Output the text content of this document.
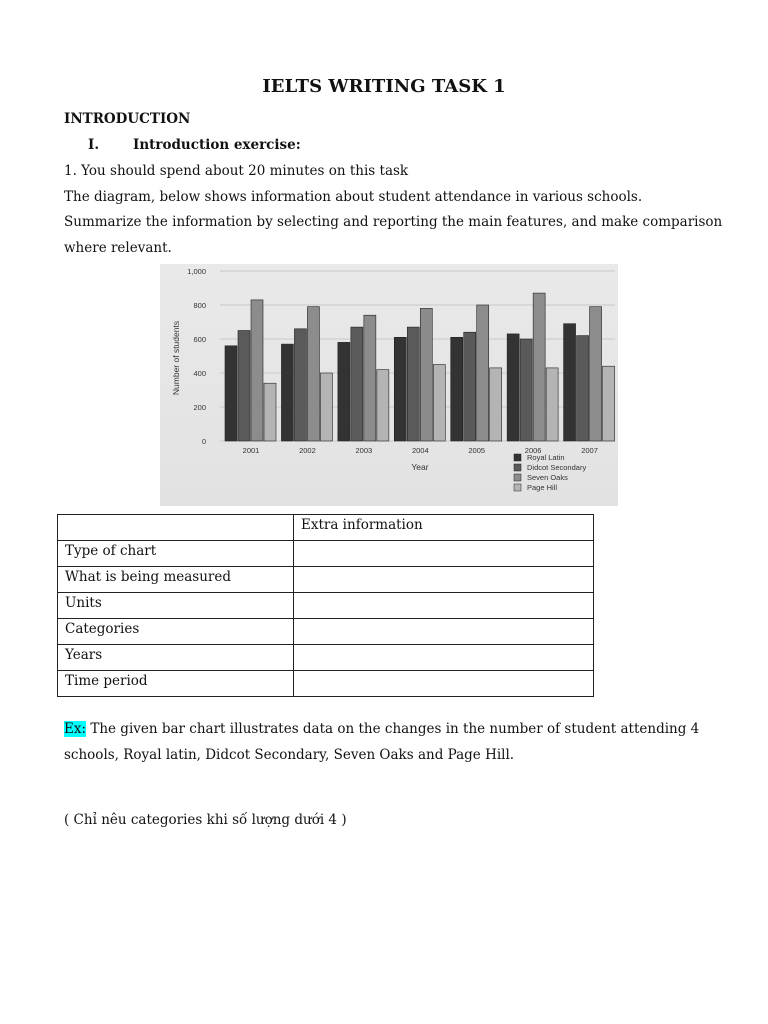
IELTS WRITING TASK 1

INTRODUCTION

I.	Introduction exercise:

1. You should spend about 20 minutes on this task

The diagram, below shows information about student attendance in various schools.

Summarize the information by selecting and reporting the main features, and make comparison

where relevant.

2001	2002	2003	2004	2005	2006	2007
0
200
400
600
800
1,000
Number of students
Year
Royal Latin
Didcot Secondary
Seven Oaks
Page Hill
	Extra information
Type of chart	
What is being measured	
Units	
Categories	
Years	
Time period	

Ex: The given bar chart illustrates data on the changes in the number of student attending 4

schools, Royal latin, Didcot Secondary, Seven Oaks and Page Hill.

( Chỉ nêu categories khi số lượng dưới 4 )
